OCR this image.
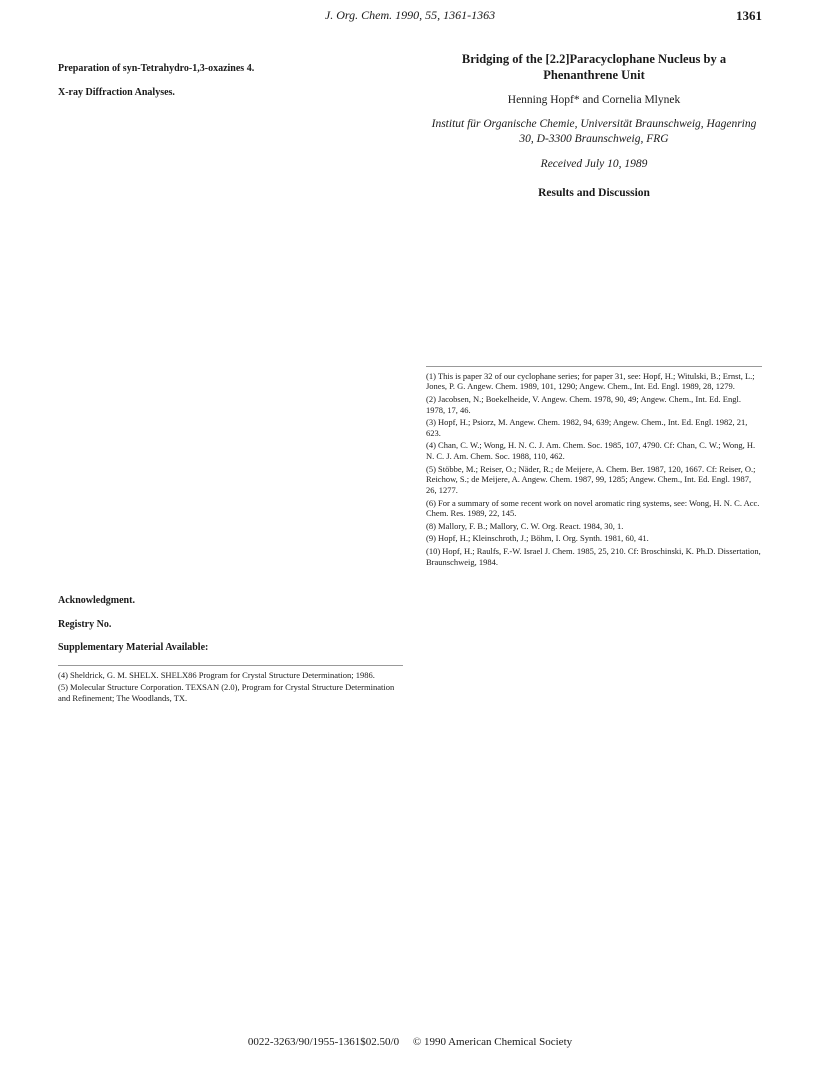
J. Org. Chem. 1990, 55, 1361-1363	1361

Preparation of syn-Tetrahydro-1,3-oxazines 4.

X-ray Diffraction Analyses.

Acknowledgment.

Registry No.

Supplementary Material Available:

(4) Sheldrick, G. M. SHELX. SHELX86 Program for Crystal Structure Determination; 1986.

(5) Molecular Structure Corporation. TEXSAN (2.0), Program for Crystal Structure Determination and Refinement; The Woodlands, TX.

Bridging of the [2.2]Paracyclophane Nucleus by a Phenanthrene Unit

Henning Hopf* and Cornelia Mlynek

Institut für Organische Chemie, Universität Braunschweig, Hagenring 30, D-3300 Braunschweig, FRG

Received July 10, 1989

Results and Discussion

(1) This is paper 32 of our cyclophane series; for paper 31, see: Hopf, H.; Witulski, B.; Ernst, L.; Jones, P. G. Angew. Chem. 1989, 101, 1290; Angew. Chem., Int. Ed. Engl. 1989, 28, 1279.

(2) Jacobsen, N.; Boekelheide, V. Angew. Chem. 1978, 90, 49; Angew. Chem., Int. Ed. Engl. 1978, 17, 46.

(3) Hopf, H.; Psiorz, M. Angew. Chem. 1982, 94, 639; Angew. Chem., Int. Ed. Engl. 1982, 21, 623.

(4) Chan, C. W.; Wong, H. N. C. J. Am. Chem. Soc. 1985, 107, 4790. Cf: Chan, C. W.; Wong, H. N. C. J. Am. Chem. Soc. 1988, 110, 462.

(5) Stöbbe, M.; Reiser, O.; Näder, R.; de Meijere, A. Chem. Ber. 1987, 120, 1667. Cf: Reiser, O.; Reichow, S.; de Meijere, A. Angew. Chem. 1987, 99, 1285; Angew. Chem., Int. Ed. Engl. 1987, 26, 1277.

(6) For a summary of some recent work on novel aromatic ring systems, see: Wong, H. N. C. Acc. Chem. Res. 1989, 22, 145.

(8) Mallory, F. B.; Mallory, C. W. Org. React. 1984, 30, 1.

(9) Hopf, H.; Kleinschroth, J.; Böhm, I. Org. Synth. 1981, 60, 41.

(10) Hopf, H.; Raulfs, F.-W. Israel J. Chem. 1985, 25, 210. Cf: Broschinski, K. Ph.D. Dissertation, Braunschweig, 1984.

0022-3263/90/1955-1361$02.50/0 © 1990 American Chemical Society
